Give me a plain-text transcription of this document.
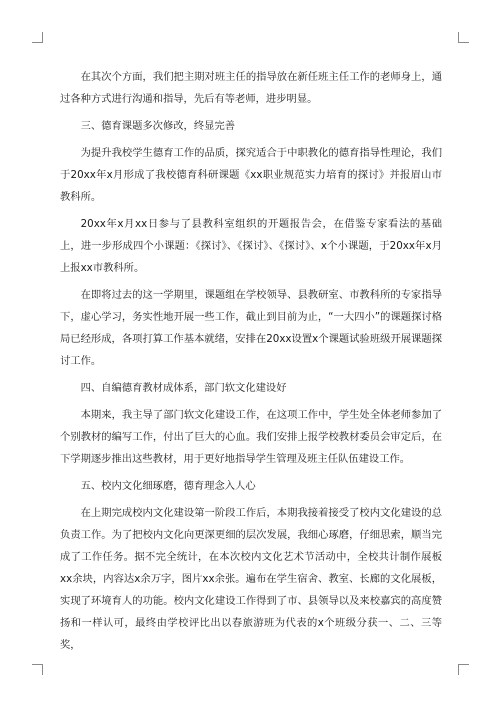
在其次个方面，我们把主期对班主任的指导放在新任班主任工作的老师身上，通过各种方式进行沟通和指导，先后有等老师，进步明显。

三、德育课题多次修改，终显完善

为提升我校学生德育工作的品质，探究适合于中职教化的德育指导性理论，我们于20xx年x月形成了我校德育科研课题《xx职业规范实力培育的探讨》并报眉山市教科所。

20xx年x月xx日参与了县教科室组织的开题报告会，在借鉴专家看法的基础上，进一步形成四个小课题：《探讨》、《探讨》、《探讨》、x个小课题，于20xx年x月上报xx市教科所。

在即将过去的这一学期里，课题组在学校领导、县教研室、市教科所的专家指导下，虚心学习，务实性地开展一些工作，截止到目前为止，“一大四小”的课题探讨格局已经形成，各项打算工作基本就绪，安排在20xx设置x个课题试验班级开展课题探讨工作。

四、自编德育教材成体系，部门软文化建设好

本期来，我主导了部门软文化建设工作，在这项工作中，学生处全体老师参加了个别教材的编写工作，付出了巨大的心血。我们安排上报学校教材委员会审定后，在下学期逐步推出这些教材，用于更好地指导学生管理及班主任队伍建设工作。

五、校内文化细琢磨，德育理念入人心

在上期完成校内文化建设第一阶段工作后，本期我接着接受了校内文化建设的总负责工作。为了把校内文化向更深更细的层次发展，我细心琢磨，仔细思索，顺当完成了工作任务。据不完全统计，在本次校内文化艺术节活动中，全校共计制作展板xx余块，内容达x余万字，图片xx余张。遍布在学生宿舍、教室、长廊的文化展板，实现了环境育人的功能。校内文化建设工作得到了市、县领导以及来校嘉宾的高度赞扬和一样认可，最终由学校评比出以春旅游班为代表的x个班级分获一、二、三等奖，
